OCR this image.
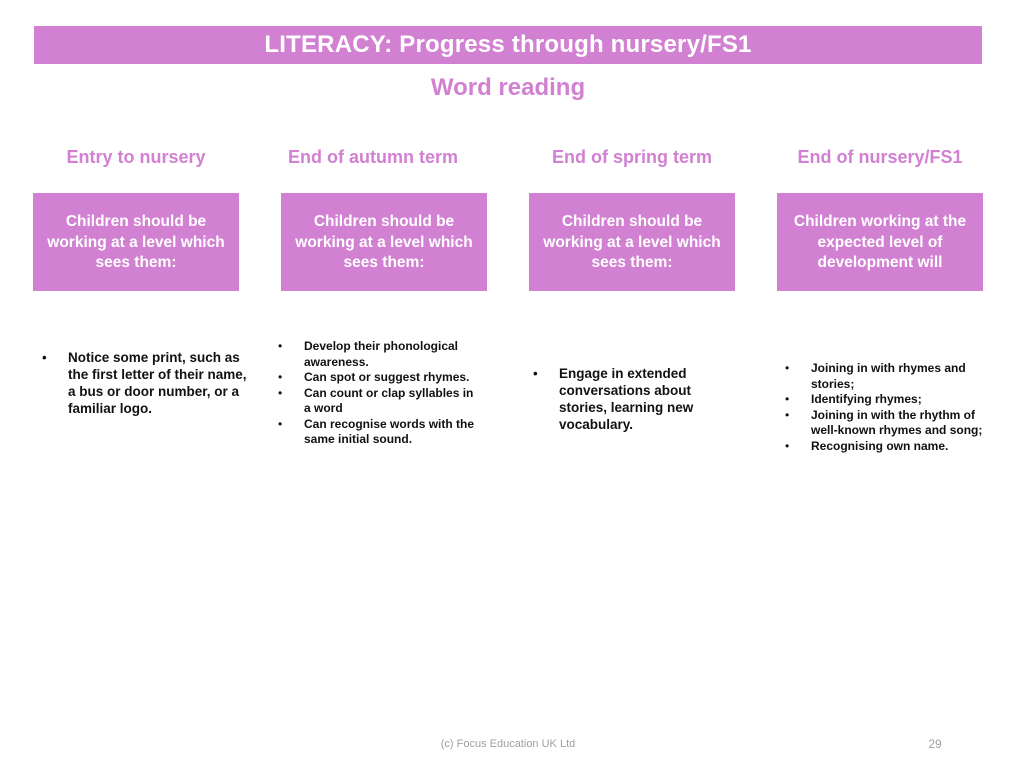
LITERACY: Progress through nursery/FS1
Word reading
Entry to nursery
Children should be working at a level which sees them:
• Notice some print, such as the first letter of their name, a bus or door number, or a familiar logo.
End of autumn term
Children should be working at a level which sees them:
• Develop their phonological awareness.
• Can spot or suggest rhymes.
• Can count or clap syllables in a word
• Can recognise words with the same initial sound.
End of spring term
Children should be working at a level which sees them:
• Engage in extended conversations about stories, learning new vocabulary.
End of nursery/FS1
Children working at the expected level of development will
• Joining in with rhymes and stories;
• Identifying rhymes;
• Joining in with the rhythm of well-known rhymes and song;
• Recognising own name.
(c) Focus Education UK Ltd	29
